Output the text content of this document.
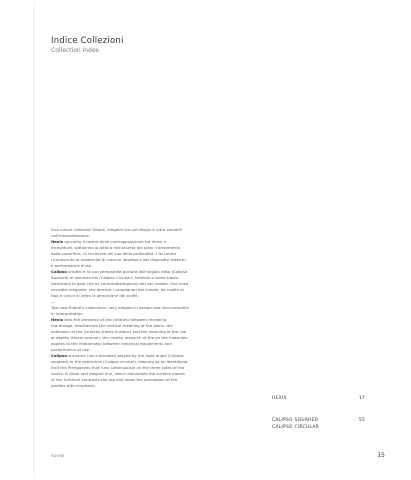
Indice Collezioni
Collection Index

Due nuove collezioni Edoné, eleganti sia nel design e ultra versatili nell'interpretazione.

Hexis racconta il rovere della contrapposizione tra rilievi e incavatura, sottolinea la tattica nell'assetto dei piani; l'andamento della superficie, la ricchezza del suo della profondità. L'accurata riconosciuta la modernità di ciascun impiego e dei dispositivi elettrici e performance d'uso.

Calipso sfrutta le la sua personalità giocata dall'angolo retto (Calipso Squared) al semicerchio (Calipso Circular), ferendo e come tratto identitario le gole che ne contraddistinguono lati del mobile. Una linea versatile elegante, che domina i complanari del mobile, da risalto al tipo e conce al vetro la percezione dei profili.

—

Two new Edoné's collections, very elegant in design and ultra-versatile in interpretation.

Hexis tells the presence of the contrast between revealing maritmage, emphasises the vertical meaning of the plans, the extension of the surfaces (Hexis Surface) and the meaning of the use of depths (Hexis volume), the careful research of the on the materials applies to the relationship between electrical equipments and performance of use.

Calipso structure has a formality played by the right angle (Calipso squared) to the semicircle (Calipso circular), keeping as an identifying trait the Pierigoeves that runs continuously on the three sides of the vanity. A clean and elegant line, which dominates the surface planes of the furniture contrasts the top and leads the perception of the profiles with emphasis.

HEXIS	17
CALIPSO SQUARED	55
CALIPSO CIRCULAR
EDONÉ	15
